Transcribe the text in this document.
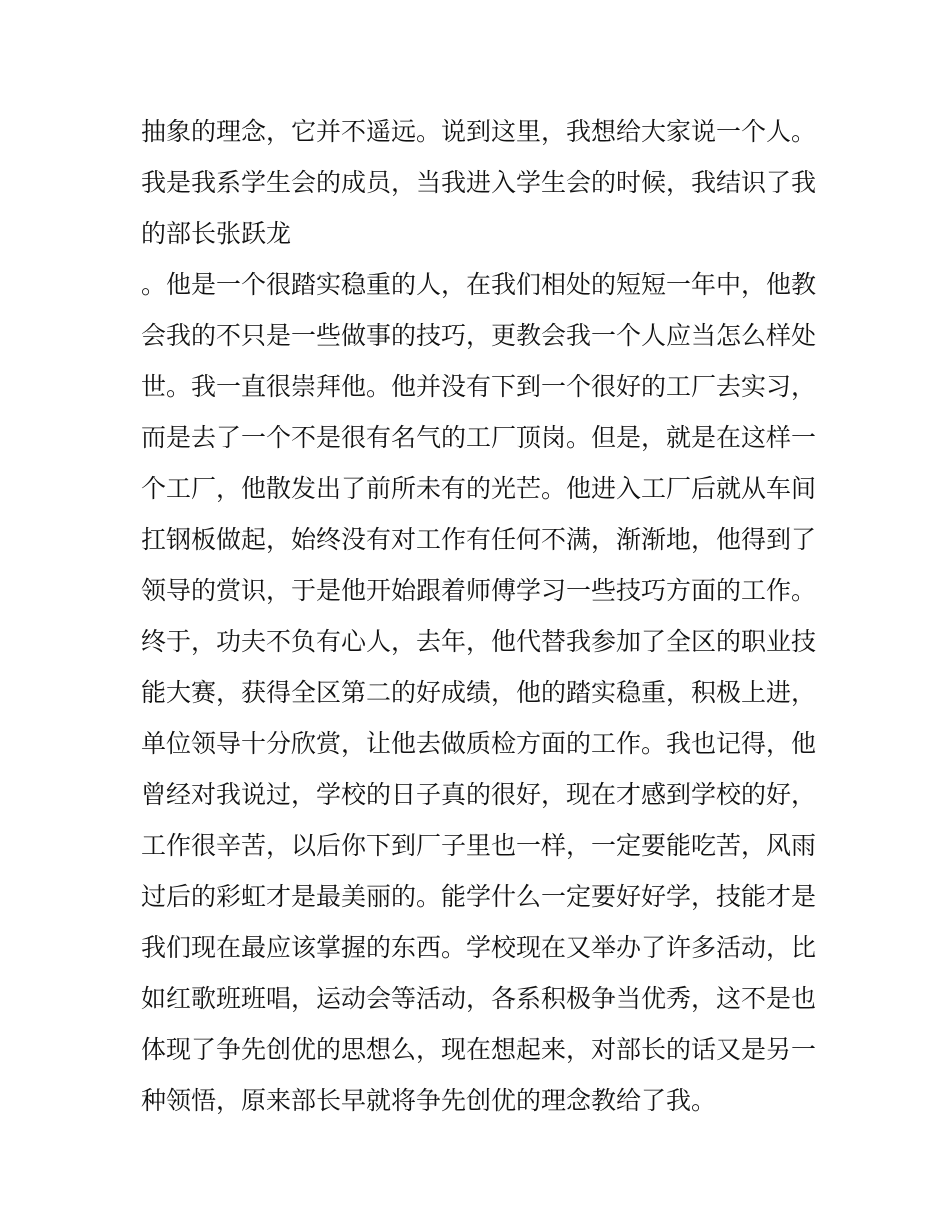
抽象的理念，它并不遥远。说到这里，我想给大家说一个人。
我是我系学生会的成员，当我进入学生会的时候，我结识了我
的部长张跃龙
。他是一个很踏实稳重的人，在我们相处的短短一年中，他教
会我的不只是一些做事的技巧，更教会我一个人应当怎么样处
世。我一直很崇拜他。他并没有下到一个很好的工厂去实习，
而是去了一个不是很有名气的工厂顶岗。但是，就是在这样一
个工厂，他散发出了前所未有的光芒。他进入工厂后就从车间
扛钢板做起，始终没有对工作有任何不满，渐渐地，他得到了
领导的赏识，于是他开始跟着师傅学习一些技巧方面的工作。
终于，功夫不负有心人，去年，他代替我参加了全区的职业技
能大赛，获得全区第二的好成绩，他的踏实稳重，积极上进，
单位领导十分欣赏，让他去做质检方面的工作。我也记得，他
曾经对我说过，学校的日子真的很好，现在才感到学校的好，
工作很辛苦，以后你下到厂子里也一样，一定要能吃苦，风雨
过后的彩虹才是最美丽的。能学什么一定要好好学，技能才是
我们现在最应该掌握的东西。学校现在又举办了许多活动，比
如红歌班班唱，运动会等活动，各系积极争当优秀，这不是也
体现了争先创优的思想么，现在想起来，对部长的话又是另一
种领悟，原来部长早就将争先创优的理念教给了我。
